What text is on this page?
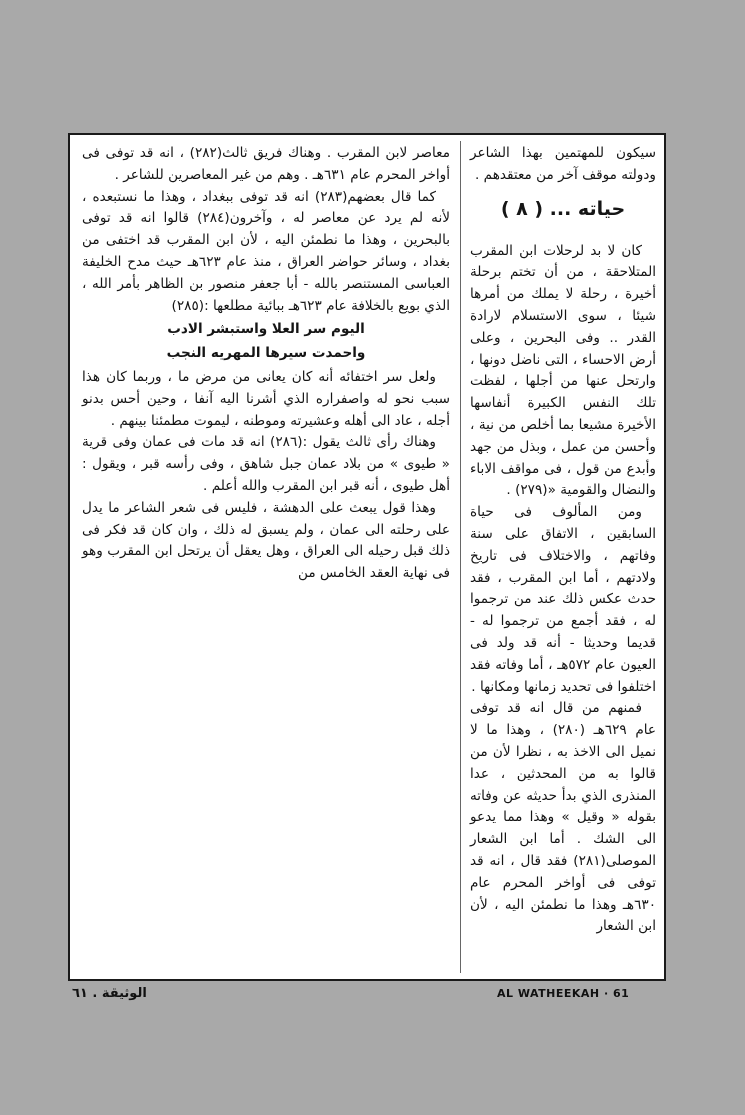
معاصر لابن المقرب . وهناك فريق ثالث(٢٨٢) ، انه قد توفى فى أواخر المحرم عام ٦٣١هـ . وهم من غير المعاصرين للشاعر .

كما قال بعضهم(٢٨٣) انه قد توفى ببغداد ، وهذا ما نستبعده ، لأنه لم يرد عن معاصر له ، وآخرون(٢٨٤) قالوا انه قد توفى بالبحرين ، وهذا ما نطمئن اليه ، لأن ابن المقرب قد اختفى من بغداد ، وسائر حواضر العراق ، منذ عام ٦٢٣هـ حيث مدح الخليفة العباسى المستنصر بالله - أبا جعفر منصور بن الظاهر بأمر الله ، الذي بويع بالخلافة عام ٦٢٣هـ ببائية مطلعها :(٢٨٥)

اليوم سر العلا واستبشر الادب

واحمدت سيرها المهريه النجب

ولعل سر اختفائه أنه كان يعانى من مرض ما ، وربما كان هذا سبب نحو له واصفراره الذي أشرنا اليه آنفا ، وحين أحس بدنو أجله ، عاد الى أهله وعشيرته وموطنه ، ليموت مطمئنا بينهم .

وهناك رأى ثالث يقول :(٢٨٦) انه قد مات فى عمان وفى قرية « طيوى » من بلاد عمان جبل شاهق ، وفى رأسه قبر ، ويقول : أهل طيوى ، أنه قبر ابن المقرب والله أعلم .

وهذا قول يبعث على الدهشة ، فليس فى شعر الشاعر ما يدل على رحلته الى عمان ، ولم يسبق له ذلك ، وان كان قد فكر فى ذلك قبل رحيله الى العراق ، وهل يعقل أن يرتحل ابن المقرب وهو فى نهاية العقد الخامس من

سيكون للمهتمين بهذا الشاعر ودولته موقف آخر من معتقدهم .

حياته ... ( ٨ )

كان لا بد لرحلات ابن المقرب المتلاحقة ، من أن تختم برحلة أخيرة ، رحلة لا يملك من أمرها شيئا ، سوى الاستسلام لارادة القدر .. وفى البحرين ، وعلى أرض الاحساء ، التى ناضل دونها ، وارتحل عنها من أجلها ، لفظت تلك النفس الكبيرة أنفاسها الأخيرة مشيعا بما أخلص من نية ، وأحسن من عمل ، وبذل من جهد وأبدع من قول ، فى مواقف الاباء والنضال والقومية «(٢٧٩) .

ومن المألوف فى حياة السابقين ، الاتفاق على سنة وفاتهم ، والاختلاف فى تاريخ ولادتهم ، أما ابن المقرب ، فقد حدث عكس ذلك عند من ترجموا له ، فقد أجمع من ترجموا له - قديما وحديثا - أنه قد ولد فى العيون عام ٥٧٢هـ ، أما وفاته فقد اختلفوا فى تحديد زمانها ومكانها .

فمنهم من قال انه قد توفى عام ٦٢٩هـ (٢٨٠) ، وهذا ما لا نميل الى الاخذ به ، نظرا لأن من قالوا به من المحدثين ، عدا المنذرى الذي بدأ حديثه عن وفاته بقوله « وقيل » وهذا مما يدعو الى الشك . أما ابن الشعار الموصلى(٢٨١) فقد قال ، انه قد توفى فى أواخر المحرم عام ٦٣٠هـ وهذا ما نطمئن اليه ، لأن ابن الشعار

الوثيقة . ٦١	AL WATHEEKAH · 61
